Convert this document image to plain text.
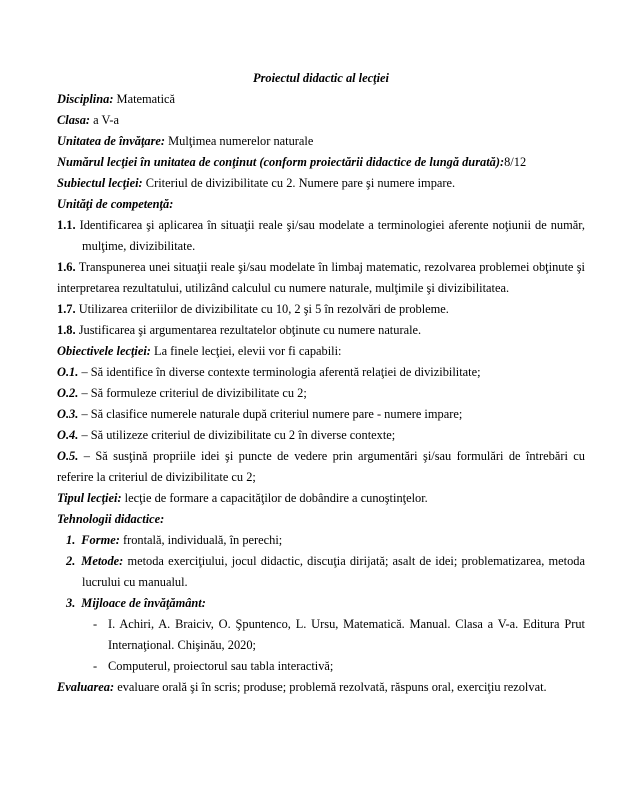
Proiectul didactic al lecţiei

Disciplina: Matematică

Clasa: a V-a

Unitatea de învăţare: Mulţimea numerelor naturale

Numărul lecţiei în unitatea de conţinut (conform proiectării didactice de lungă durată):8/12

Subiectul lecţiei: Criteriul de divizibilitate cu 2. Numere pare şi numere impare.

Unităţi de competenţă:

1.1. Identificarea şi aplicarea în situaţii reale şi/sau modelate a terminologiei aferente noţiunii de număr, mulţime, divizibilitate.

1.6. Transpunerea unei situaţii reale şi/sau modelate în limbaj matematic, rezolvarea problemei obţinute şi interpretarea rezultatului, utilizând calculul cu numere naturale, mulţimile şi divizibilitatea.

1.7. Utilizarea criteriilor de divizibilitate cu 10, 2 şi 5 în rezolvări de probleme.

1.8. Justificarea şi argumentarea rezultatelor obţinute cu numere naturale.

Obiectivele lecţiei: La finele lecţiei, elevii vor fi capabili:

O.1. – Să identifice în diverse contexte terminologia aferentă relaţiei de divizibilitate;

O.2. – Să formuleze criteriul de divizibilitate cu 2;

O.3. – Să clasifice numerele naturale după criteriul numere pare - numere impare;

O.4. – Să utilizeze criteriul de divizibilitate cu 2 în diverse contexte;

O.5. – Să susţină propriile idei şi puncte de vedere prin argumentări şi/sau formulări de întrebări cu referire la criteriul de divizibilitate cu 2;

Tipul lecţiei: lecţie de formare a capacităţilor de dobândire a cunoştinţelor.

Tehnologii didactice:

1. Forme: frontală, individuală, în perechi;

2. Metode: metoda exerciţiului, jocul didactic, discuţia dirijată; asalt de idei; problematizarea, metoda lucrului cu manualul.

3. Mijloace de învăţământ:

- I. Achiri, A. Braiciv, O. Şpuntenco, L. Ursu, Matematică. Manual. Clasa a V-a. Editura Prut Internaţional. Chişinău, 2020;
- Computerul, proiectorul sau tabla interactivă;

Evaluarea: evaluare orală şi în scris; produse; problemă rezolvată, răspuns oral, exerciţiu rezolvat.
